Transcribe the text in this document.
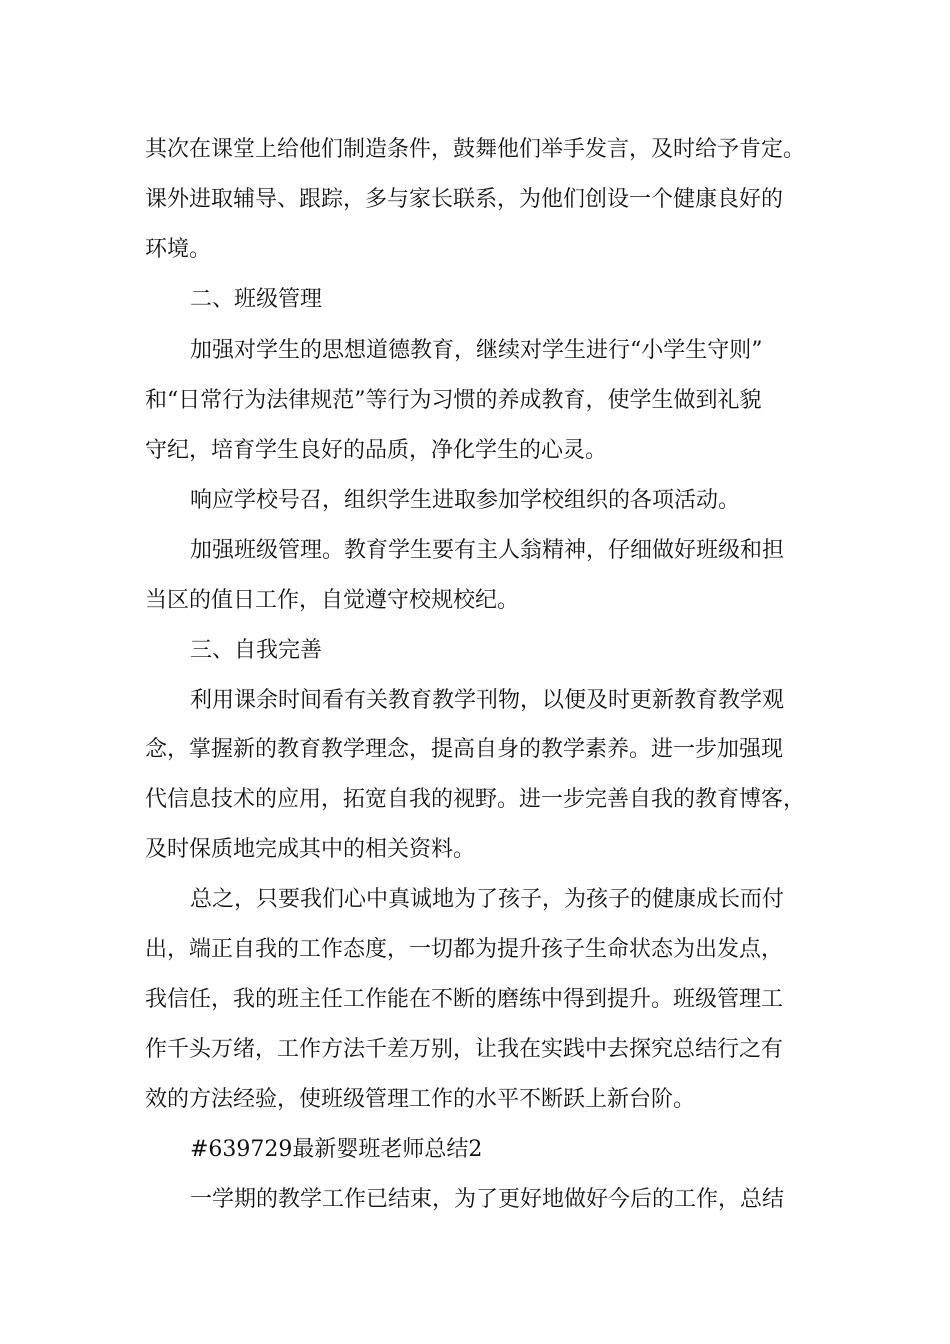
其次在课堂上给他们制造条件，鼓舞他们举手发言，及时给予肯定。
课外进取辅导、跟踪，多与家长联系，为他们创设一个健康良好的
环境。
二、班级管理
加强对学生的思想道德教育，继续对学生进行“小学生守则”
和“日常行为法律规范”等行为习惯的养成教育，使学生做到礼貌
守纪，培育学生良好的品质，净化学生的心灵。
响应学校号召，组织学生进取参加学校组织的各项活动。
加强班级管理。教育学生要有主人翁精神，仔细做好班级和担
当区的值日工作，自觉遵守校规校纪。
三、自我完善
利用课余时间看有关教育教学刊物，以便及时更新教育教学观
念，掌握新的教育教学理念，提高自身的教学素养。进一步加强现
代信息技术的应用，拓宽自我的视野。进一步完善自我的教育博客，
及时保质地完成其中的相关资料。
总之，只要我们心中真诚地为了孩子，为孩子的健康成长而付
出，端正自我的工作态度，一切都为提升孩子生命状态为出发点，
我信任，我的班主任工作能在不断的磨练中得到提升。班级管理工
作千头万绪，工作方法千差万别，让我在实践中去探究总结行之有
效的方法经验，使班级管理工作的水平不断跃上新台阶。
#639729最新婴班老师总结2
一学期的教学工作已结束，为了更好地做好今后的工作，总结
